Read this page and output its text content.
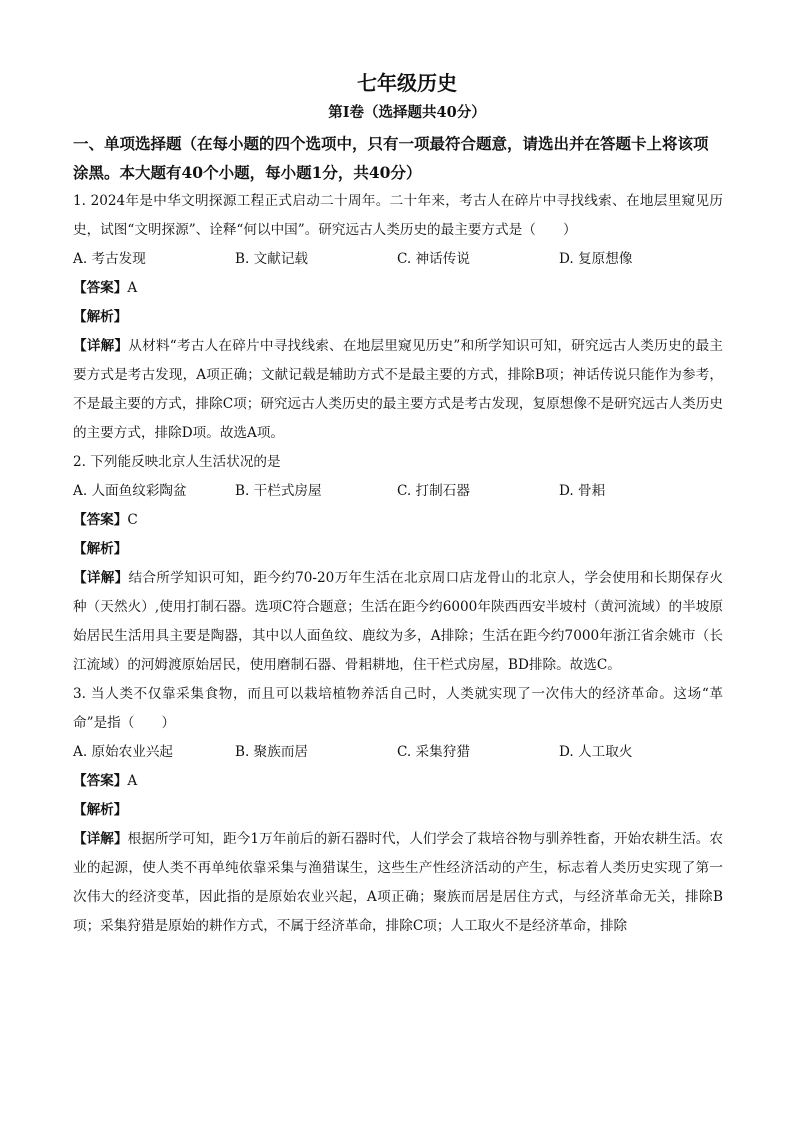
七年级历史
第Ⅰ卷（选择题共40分）
一、单项选择题（在每小题的四个选项中，只有一项最符合题意，请选出并在答题卡上将该项涂黑。本大题有40个小题，每小题1分，共40分）
1. 2024年是中华文明探源工程正式启动二十周年。二十年来，考古人在碎片中寻找线索、在地层里窥见历史，试图“文明探源”、诠释“何以中国”。研究远古人类历史的最主要方式是（　　）
A. 考古发现	B. 文献记载	C. 神话传说	D. 复原想像
【答案】A
【解析】
【详解】从材料“考古人在碎片中寻找线索、在地层里窥见历史”和所学知识可知，研究远古人类历史的最主要方式是考古发现，A项正确；文献记载是辅助方式不是最主要的方式，排除B项；神话传说只能作为参考，不是最主要的方式，排除C项；研究远古人类历史的最主要方式是考古发现，复原想像不是研究远古人类历史的主要方式，排除D项。故选A项。
2. 下列能反映北京人生活状况的是
A. 人面鱼纹彩陶盆	B. 干栏式房屋	C. 打制石器	D. 骨耜
【答案】C
【解析】
【详解】结合所学知识可知，距今约70-20万年生活在北京周口店龙骨山的北京人，学会使用和长期保存火种（天然火）,使用打制石器。选项C符合题意；生活在距今约6000年陕西西安半坡村（黄河流域）的半坡原始居民生活用具主要是陶器，其中以人面鱼纹、鹿纹为多，A排除；生活在距今约7000年浙江省余姚市（长江流域）的河姆渡原始居民，使用磨制石器、骨耜耕地，住干栏式房屋，BD排除。故选C。
3. 当人类不仅靠采集食物，而且可以栽培植物养活自己时，人类就实现了一次伟大的经济革命。这场“革命”是指（　　）
A. 原始农业兴起	B. 聚族而居	C. 采集狩猎	D. 人工取火
【答案】A
【解析】
【详解】根据所学可知，距今1万年前后的新石器时代，人们学会了栽培谷物与驯养牲畜，开始农耕生活。农业的起源，使人类不再单纯依靠采集与渔猎谋生，这些生产性经济活动的产生，标志着人类历史实现了第一次伟大的经济变革，因此指的是原始农业兴起，A项正确；聚族而居是居住方式，与经济革命无关，排除B项；采集狩猎是原始的耕作方式，不属于经济革命，排除C项；人工取火不是经济革命，排除
